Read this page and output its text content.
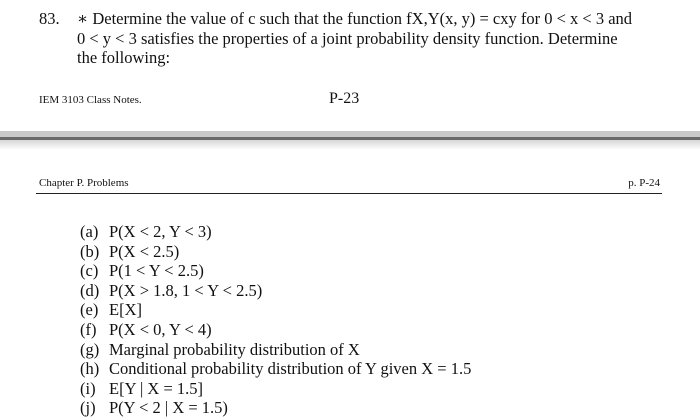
83. ∗ Determine the value of c such that the function fX,Y(x, y) = cxy for 0 < x < 3 and
0 < y < 3 satisfies the properties of a joint probability density function. Determine
the following:
IEM 3103 Class Notes.	P-23
Chapter P. Problems	p. P-24
(a) P(X < 2, Y < 3)
(b) P(X < 2.5)
(c) P(1 < Y < 2.5)
(d) P(X > 1.8, 1 < Y < 2.5)
(e) E[X]
(f) P(X < 0, Y < 4)
(g) Marginal probability distribution of X
(h) Conditional probability distribution of Y given X = 1.5
(i) E[Y | X = 1.5]
(j) P(Y < 2 | X = 1.5)
